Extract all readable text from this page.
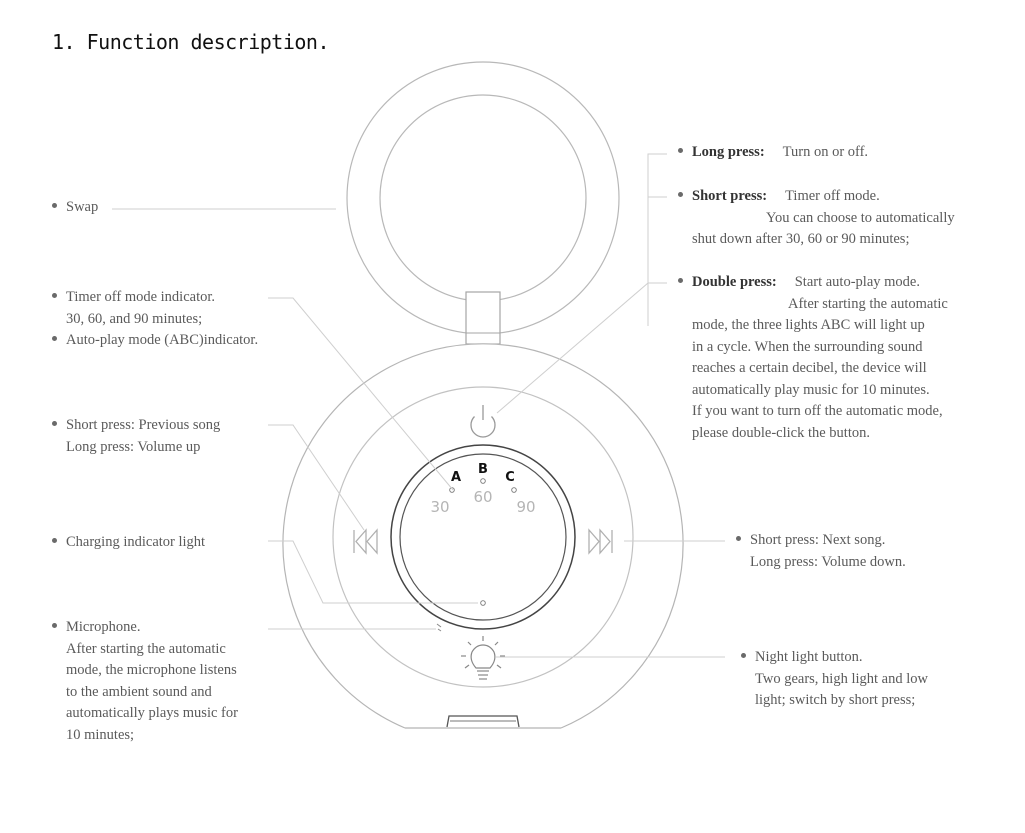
1. Function description.
A
B
C
30
60
90
Swap
Timer off mode indicator.
30, 60, and 90 minutes;
Auto-play mode (ABC)indicator.
Short press: Previous song
Long press: Volume up
Charging indicator light
Microphone.
After starting the automatic
mode, the microphone listens
to the ambient sound and
automatically plays music for
10 minutes;
Long press: Turn on or off.
Short press: Timer off mode.
You can choose to automatically
shut down after 30, 60 or 90 minutes;
Double press: Start auto-play mode.
After starting the automatic
mode, the three lights ABC will light up
in a cycle. When the surrounding sound
reaches a certain decibel, the device will
automatically play music for 10 minutes.
If you want to turn off the automatic mode,
please double-click the button.
Short press: Next song.
Long press: Volume down.
Night light button.
Two gears, high light and low
light; switch by short press;
